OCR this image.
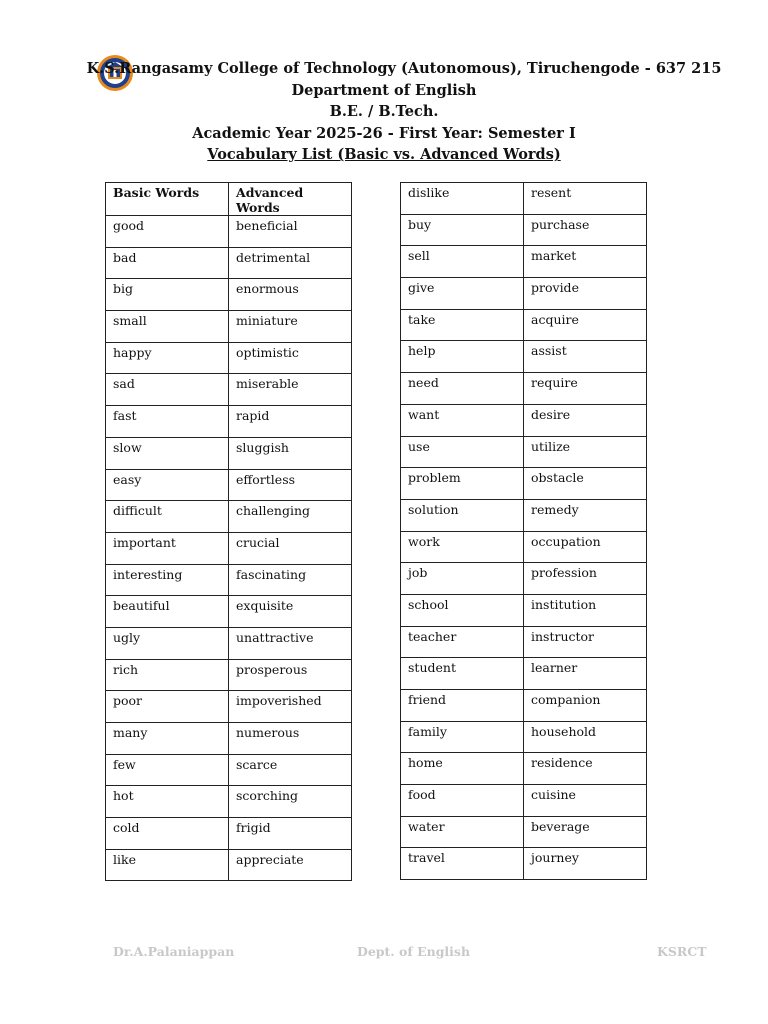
K.S.Rangasamy College of Technology (Autonomous), Tiruchengode - 637 215
Department of English
B.E. / B.Tech.
Academic Year 2025-26 - First Year: Semester I
Vocabulary List (Basic vs. Advanced Words)
Basic Words	Advanced Words
good	beneficial
bad	detrimental
big	enormous
small	miniature
happy	optimistic
sad	miserable
fast	rapid
slow	sluggish
easy	effortless
difficult	challenging
important	crucial
interesting	fascinating
beautiful	exquisite
ugly	unattractive
rich	prosperous
poor	impoverished
many	numerous
few	scarce
hot	scorching
cold	frigid
like	appreciate
dislike	resent
buy	purchase
sell	market
give	provide
take	acquire
help	assist
need	require
want	desire
use	utilize
problem	obstacle
solution	remedy
work	occupation
job	profession
school	institution
teacher	instructor
student	learner
friend	companion
family	household
home	residence
food	cuisine
water	beverage
travel	journey
Dr.A.Palaniappan	Dept. of English	KSRCT
